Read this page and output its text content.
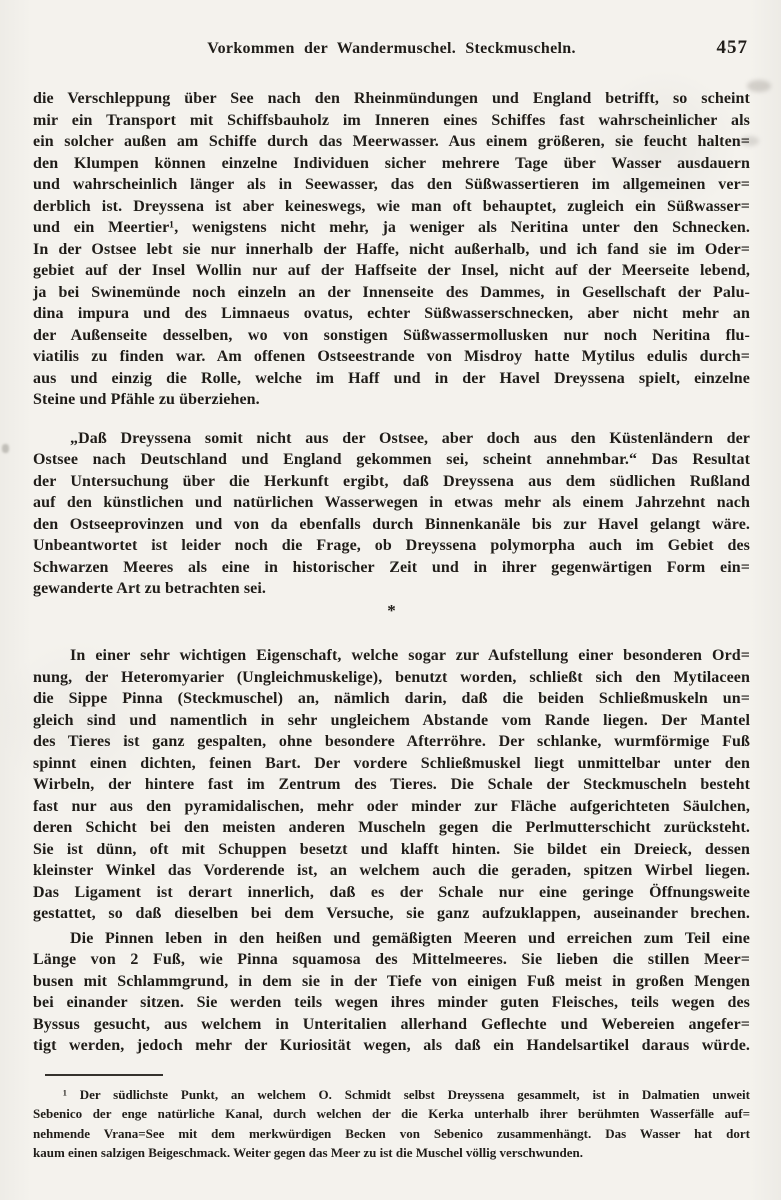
Vorkommen der Wandermuschel. Steckmuscheln.	457
die Verschleppung über See nach den Rheinmündungen und England betrifft, so scheint
mir ein Transport mit Schiffsbauholz im Inneren eines Schiffes fast wahrscheinlicher als
ein solcher außen am Schiffe durch das Meerwasser. Aus einem größeren, sie feucht halten=
den Klumpen können einzelne Individuen sicher mehrere Tage über Wasser ausdauern
und wahrscheinlich länger als in Seewasser, das den Süßwassertieren im allgemeinen ver=
derblich ist. Dreyssena ist aber keineswegs, wie man oft behauptet, zugleich ein Süßwasser=
und ein Meertier¹, wenigstens nicht mehr, ja weniger als Neritina unter den Schnecken.
In der Ostsee lebt sie nur innerhalb der Haffe, nicht außerhalb, und ich fand sie im Oder=
gebiet auf der Insel Wollin nur auf der Haffseite der Insel, nicht auf der Meerseite lebend,
ja bei Swinemünde noch einzeln an der Innenseite des Dammes, in Gesellschaft der Palu-
dina impura und des Limnaeus ovatus, echter Süßwasserschnecken, aber nicht mehr an
der Außenseite desselben, wo von sonstigen Süßwassermollusken nur noch Neritina flu-
viatilis zu finden war. Am offenen Ostseestrande von Misdroy hatte Mytilus edulis durch=
aus und einzig die Rolle, welche im Haff und in der Havel Dreyssena spielt, einzelne
Steine und Pfähle zu überziehen.
„Daß Dreyssena somit nicht aus der Ostsee, aber doch aus den Küstenländern der
Ostsee nach Deutschland und England gekommen sei, scheint annehmbar.“ Das Resultat
der Untersuchung über die Herkunft ergibt, daß Dreyssena aus dem südlichen Rußland
auf den künstlichen und natürlichen Wasserwegen in etwas mehr als einem Jahrzehnt nach
den Ostseeprovinzen und von da ebenfalls durch Binnenkanäle bis zur Havel gelangt wäre.
Unbeantwortet ist leider noch die Frage, ob Dreyssena polymorpha auch im Gebiet des
Schwarzen Meeres als eine in historischer Zeit und in ihrer gegenwärtigen Form ein=
gewanderte Art zu betrachten sei.
*
In einer sehr wichtigen Eigenschaft, welche sogar zur Aufstellung einer besonderen Ord=
nung, der Heteromyarier (Ungleichmuskelige), benutzt worden, schließt sich den Mytilaceen
die Sippe Pinna (Steckmuschel) an, nämlich darin, daß die beiden Schließmuskeln un=
gleich sind und namentlich in sehr ungleichem Abstande vom Rande liegen. Der Mantel
des Tieres ist ganz gespalten, ohne besondere Afterröhre. Der schlanke, wurmförmige Fuß
spinnt einen dichten, feinen Bart. Der vordere Schließmuskel liegt unmittelbar unter den
Wirbeln, der hintere fast im Zentrum des Tieres. Die Schale der Steckmuscheln besteht
fast nur aus den pyramidalischen, mehr oder minder zur Fläche aufgerichteten Säulchen,
deren Schicht bei den meisten anderen Muscheln gegen die Perlmutterschicht zurücksteht.
Sie ist dünn, oft mit Schuppen besetzt und klafft hinten. Sie bildet ein Dreieck, dessen
kleinster Winkel das Vorderende ist, an welchem auch die geraden, spitzen Wirbel liegen.
Das Ligament ist derart innerlich, daß es der Schale nur eine geringe Öffnungsweite
gestattet, so daß dieselben bei dem Versuche, sie ganz aufzuklappen, auseinander brechen.
Die Pinnen leben in den heißen und gemäßigten Meeren und erreichen zum Teil eine
Länge von 2 Fuß, wie Pinna squamosa des Mittelmeeres. Sie lieben die stillen Meer=
busen mit Schlammgrund, in dem sie in der Tiefe von einigen Fuß meist in großen Mengen
bei einander sitzen. Sie werden teils wegen ihres minder guten Fleisches, teils wegen des
Byssus gesucht, aus welchem in Unteritalien allerhand Geflechte und Webereien angefer=
tigt werden, jedoch mehr der Kuriosität wegen, als daß ein Handelsartikel daraus würde.
¹ Der südlichste Punkt, an welchem O. Schmidt selbst Dreyssena gesammelt, ist in Dalmatien unweit
Sebenico der enge natürliche Kanal, durch welchen der die Kerka unterhalb ihrer berühmten Wasserfälle auf=
nehmende Vrana=See mit dem merkwürdigen Becken von Sebenico zusammenhängt. Das Wasser hat dort
kaum einen salzigen Beigeschmack. Weiter gegen das Meer zu ist die Muschel völlig verschwunden.
